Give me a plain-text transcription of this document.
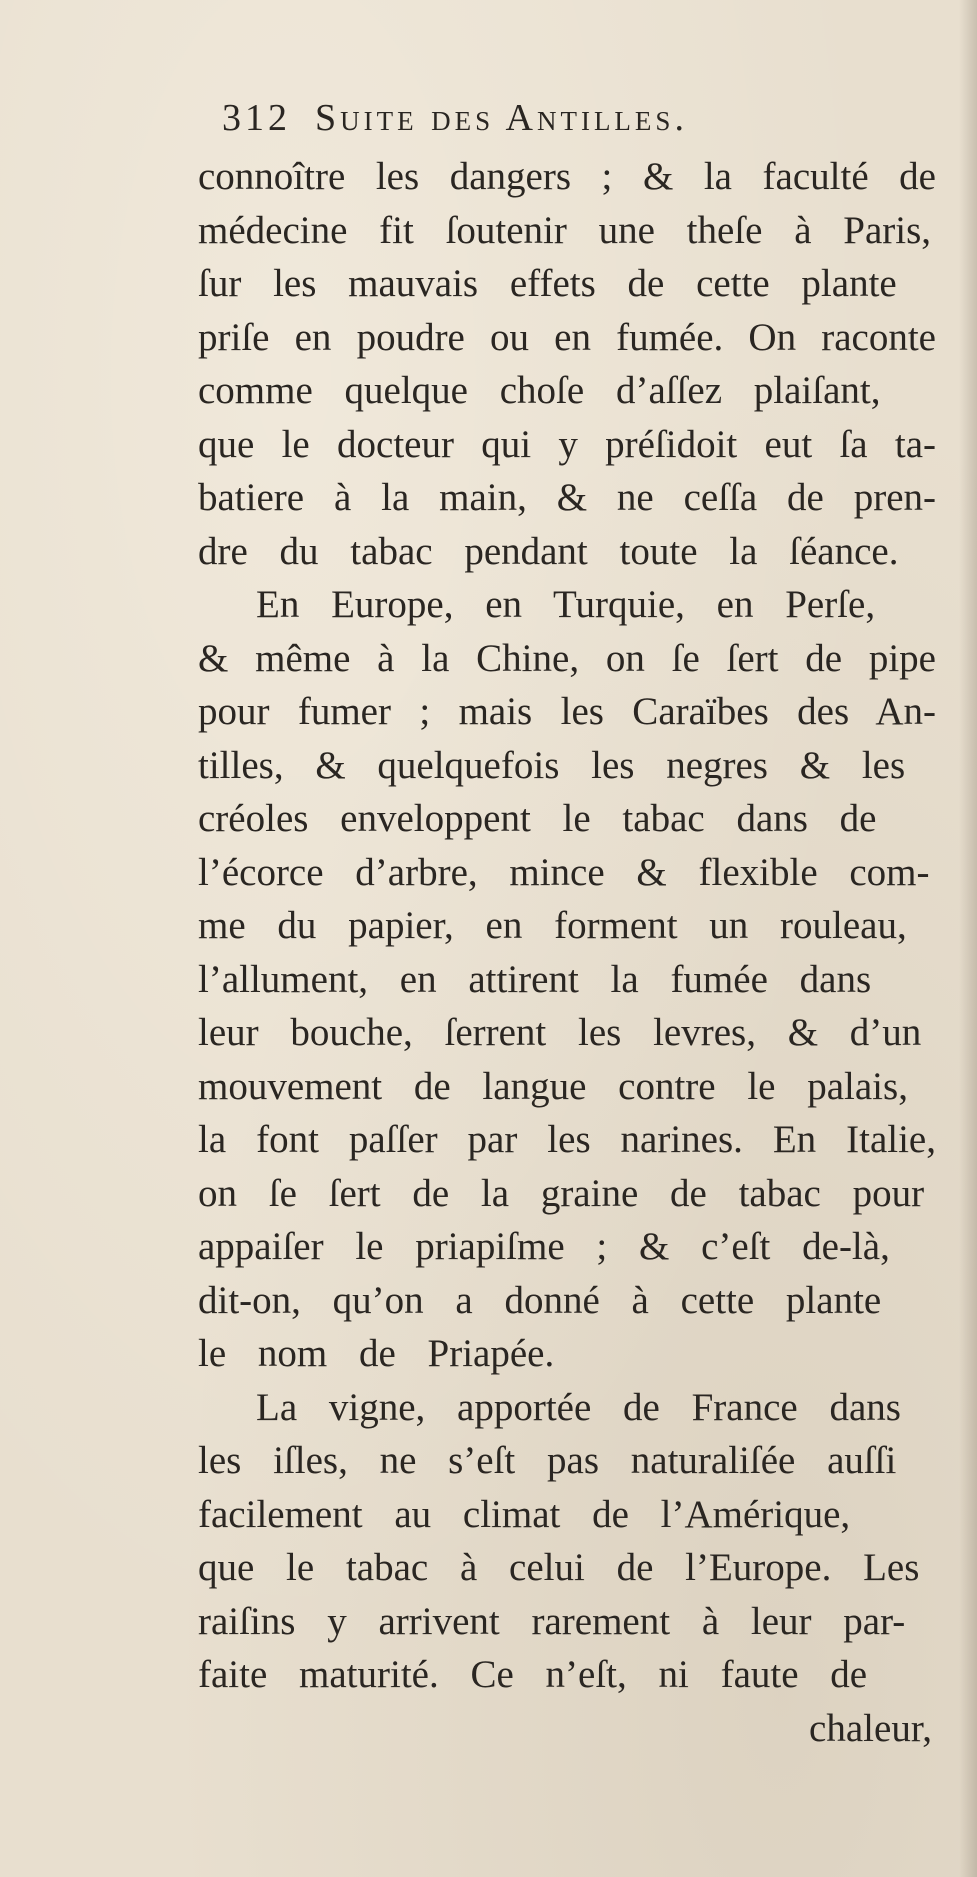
312 Suite des Antilles.
connoître les dangers ; & la faculté de
médecine fit ſoutenir une theſe à Paris,
ſur les mauvais effets de cette plante
priſe en poudre ou en fumée. On raconte
comme quelque choſe d’aſſez plaiſant,
que le docteur qui y préſidoit eut ſa ta-
batiere à la main, & ne ceſſa de pren-
dre du tabac pendant toute la ſéance.
En Europe, en Turquie, en Perſe,
& même à la Chine, on ſe ſert de pipe
pour fumer ; mais les Caraïbes des An-
tilles, & quelquefois les negres & les
créoles enveloppent le tabac dans de
l’écorce d’arbre, mince & flexible com-
me du papier, en forment un rouleau,
l’allument, en attirent la fumée dans
leur bouche, ſerrent les levres, & d’un
mouvement de langue contre le palais,
la font paſſer par les narines. En Italie,
on ſe ſert de la graine de tabac pour
appaiſer le priapiſme ; & c’eſt de-là,
dit-on, qu’on a donné à cette plante
le nom de Priapée.
La vigne, apportée de France dans
les iſles, ne s’eſt pas naturaliſée auſſi
facilement au climat de l’Amérique,
que le tabac à celui de l’Europe. Les
raiſins y arrivent rarement à leur par-
faite maturité. Ce n’eſt, ni faute de
chaleur,
